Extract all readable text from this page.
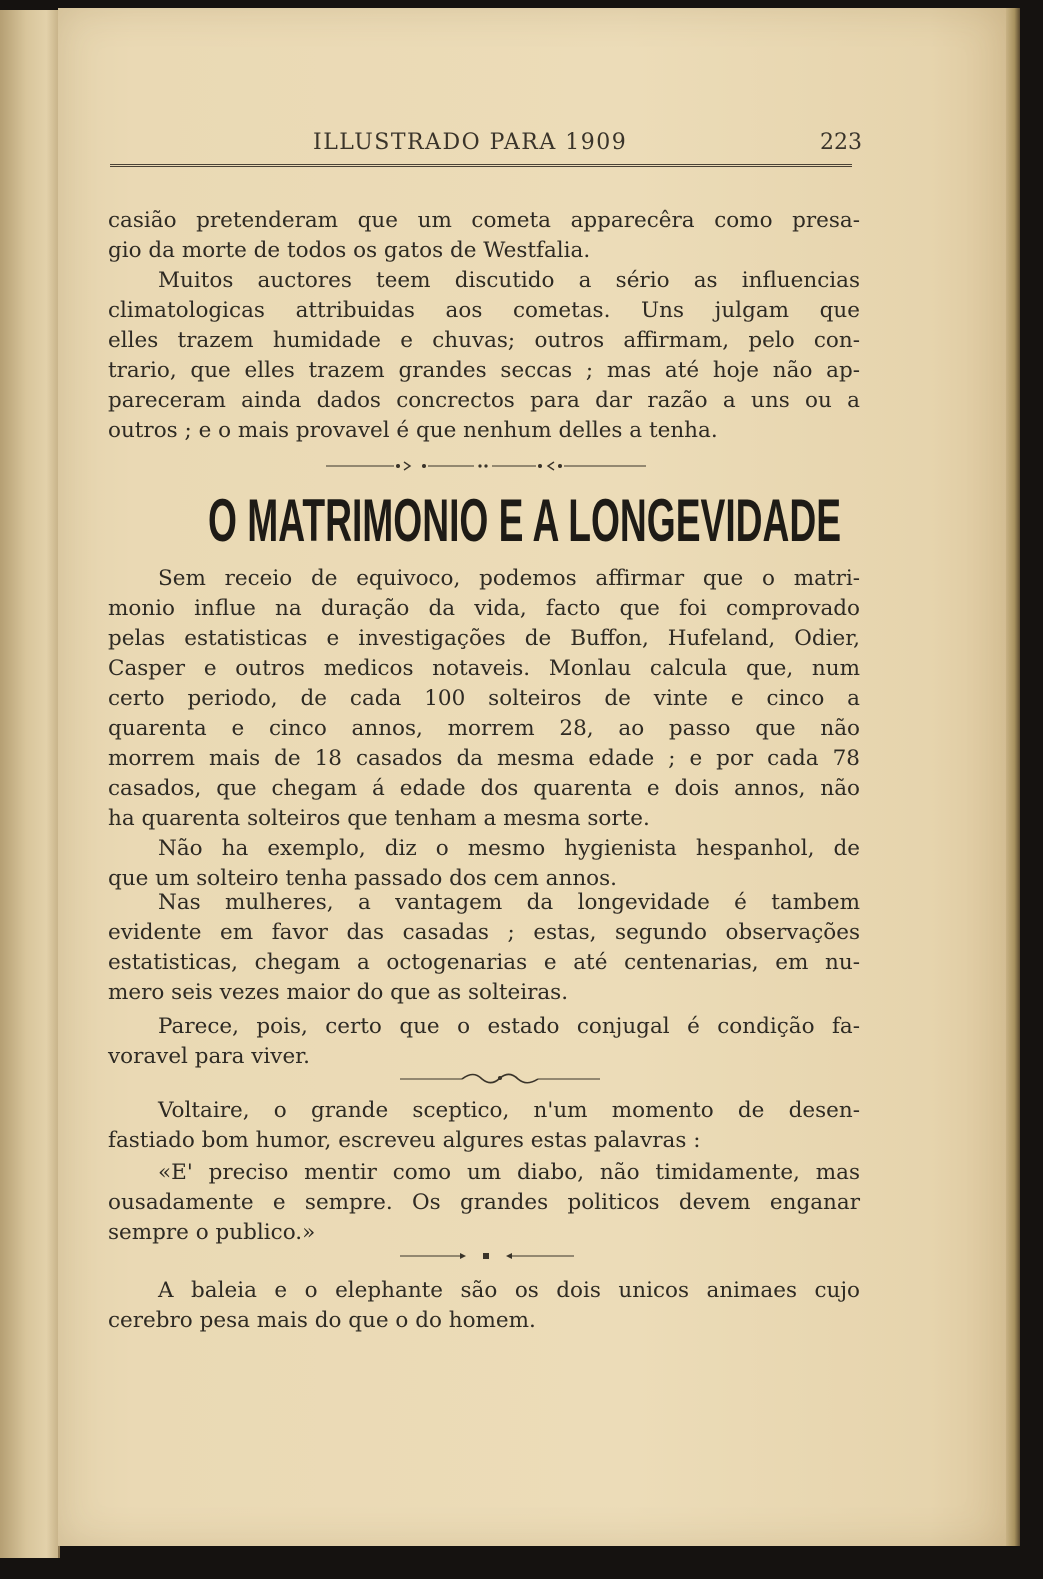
ILLUSTRADO PARA 1909	223

casião pretenderam que um cometa apparecêra como presa-

gio da morte de todos os gatos de Westfalia.

Muitos auctores teem discutido a sério as influencias

climatologicas attribuidas aos cometas. Uns julgam que

elles trazem humidade e chuvas; outros affirmam, pelo con-

trario, que elles trazem grandes seccas ; mas até hoje não ap-

pareceram ainda dados concrectos para dar razão a uns ou a

outros ; e o mais provavel é que nenhum delles a tenha.

O MATRIMONIO E A LONGEVIDADE

Sem receio de equivoco, podemos affirmar que o matri-

monio influe na duração da vida, facto que foi comprovado

pelas estatisticas e investigações de Buffon, Hufeland, Odier,

Casper e outros medicos notaveis. Monlau calcula que, num

certo periodo, de cada 100 solteiros de vinte e cinco a

quarenta e cinco annos, morrem 28, ao passo que não

morrem mais de 18 casados da mesma edade ; e por cada 78

casados, que chegam á edade dos quarenta e dois annos, não

ha quarenta solteiros que tenham a mesma sorte.

Não ha exemplo, diz o mesmo hygienista hespanhol, de

que um solteiro tenha passado dos cem annos.

Nas mulheres, a vantagem da longevidade é tambem

evidente em favor das casadas ; estas, segundo observações

estatisticas, chegam a octogenarias e até centenarias, em nu-

mero seis vezes maior do que as solteiras.

Parece, pois, certo que o estado conjugal é condição fa-

voravel para viver.

Voltaire, o grande sceptico, n'um momento de desen-

fastiado bom humor, escreveu algures estas palavras :

«E' preciso mentir como um diabo, não timidamente, mas

ousadamente e sempre. Os grandes politicos devem enganar

sempre o publico.»

A baleia e o elephante são os dois unicos animaes cujo

cerebro pesa mais do que o do homem.
